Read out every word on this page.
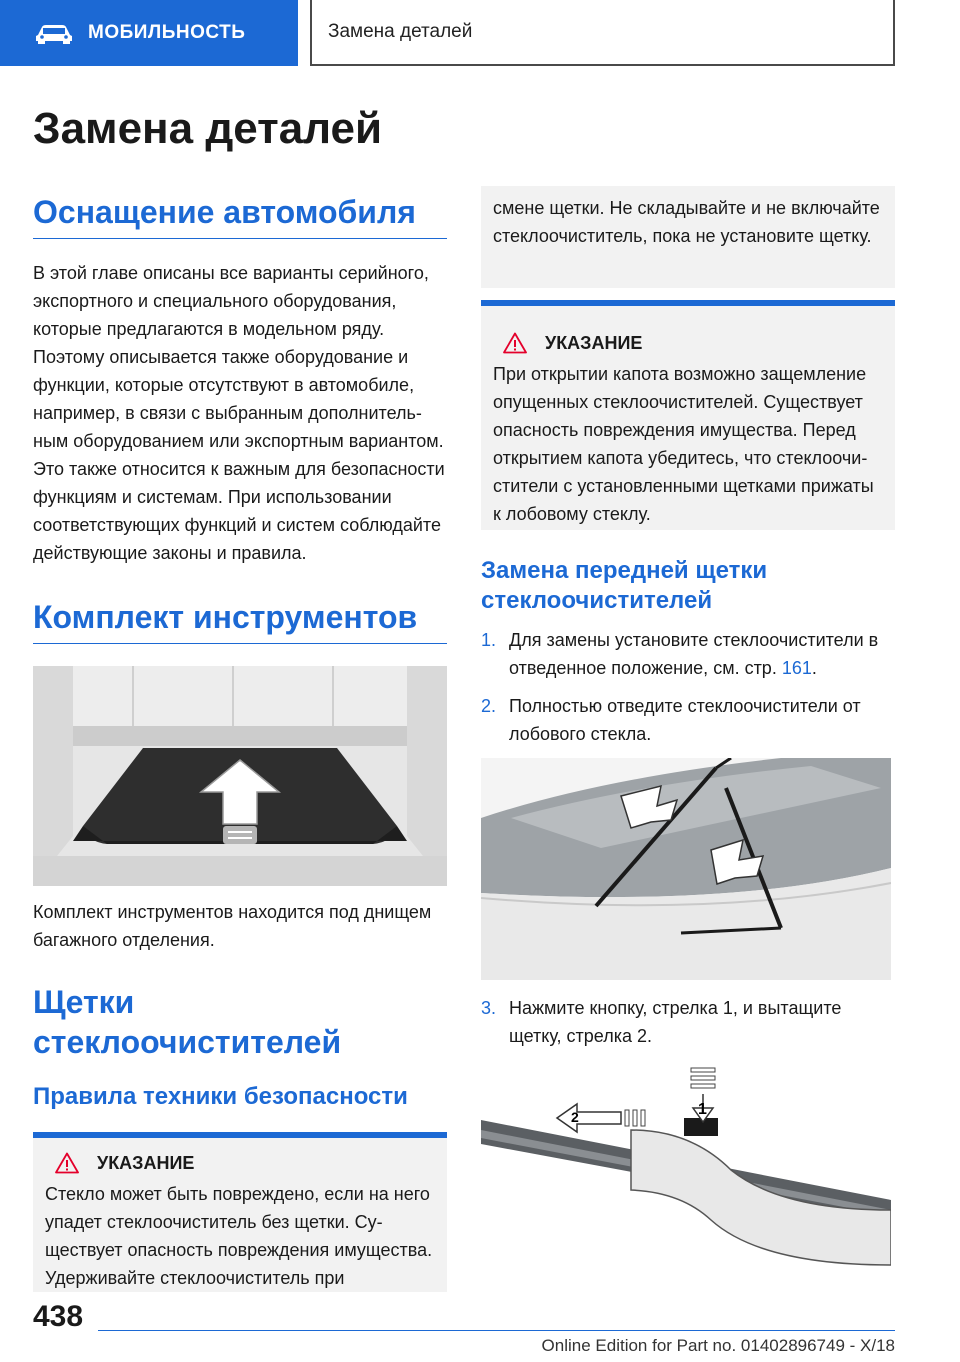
МОБИЛЬНОСТЬ	Замена деталей
Замена деталей
Оснащение автомобиля

В этой главе описаны все варианты серийного, экспортного и специального оборудования, которые предлагаются в модельном ряду. Поэтому описывается также оборудование и функции, которые отсутствуют в автомобиле, например, в связи с выбранным дополнительным оборудованием или экспортным вариантом. Это также относится к важным для безопасности функциям и системам. При использовании соответствующих функций и систем соблюдайте действующие законы и правила.

Комплект инструментов

Комплект инструментов находится под днищем багажного отделения.

Щетки стеклоочистителей
Правила техники безопасности
УКАЗАНИЕ

Стекло может быть повреждено, если на него упадет стеклоочиститель без щетки. Существует опасность повреждения имущества. Удерживайте стеклоочиститель при

смене щетки. Не складывайте и не включайте стеклоочиститель, пока не установите щетку.

УКАЗАНИЕ

При открытии капота возможно защемление опущенных стеклоочистителей. Существует опасность повреждения имущества. Перед открытием капота убедитесь, что стеклоочистители с установленными щетками прижаты к лобовому стеклу.

Замена передней щетки стеклоочистителей
1. Для замены установите стеклоочистители в отведенное положение, см. стр. 161.
2. Полностью отведите стеклоочистители от лобового стекла.
3. Нажмите кнопку, стрелка 1, и вытащите щетку, стрелка 2.
1
2
438
Online Edition for Part no. 01402896749 - X/18
